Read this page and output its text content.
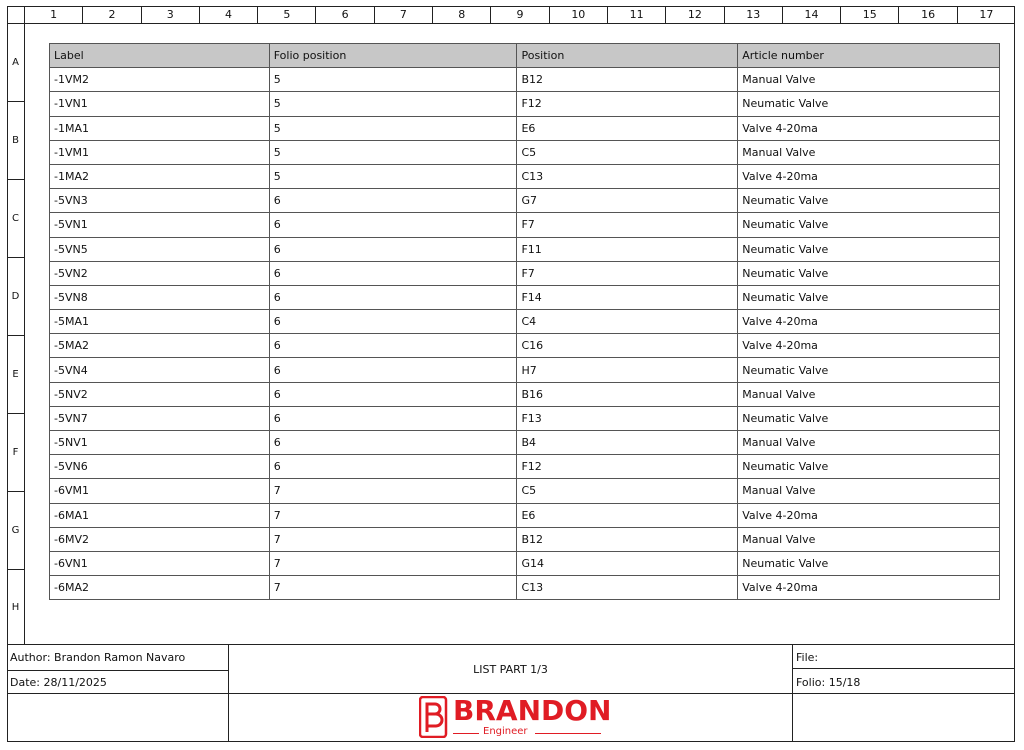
1	2	3	4	5	6	7	8	9	10	11	12	13	14	15	16	17
A
B
C
D
E
F
G
H
Label	Folio position	Position	Article number
-1VM2	5	B12	Manual Valve
-1VN1	5	F12	Neumatic Valve
-1MA1	5	E6	Valve 4-20ma
-1VM1	5	C5	Manual Valve
-1MA2	5	C13	Valve 4-20ma
-5VN3	6	G7	Neumatic Valve
-5VN1	6	F7	Neumatic Valve
-5VN5	6	F11	Neumatic Valve
-5VN2	6	F7	Neumatic Valve
-5VN8	6	F14	Neumatic Valve
-5MA1	6	C4	Valve 4-20ma
-5MA2	6	C16	Valve 4-20ma
-5VN4	6	H7	Neumatic Valve
-5NV2	6	B16	Manual Valve
-5VN7	6	F13	Neumatic Valve
-5NV1	6	B4	Manual Valve
-5VN6	6	F12	Neumatic Valve
-6VM1	7	C5	Manual Valve
-6MA1	7	E6	Valve 4-20ma
-6MV2	7	B12	Manual Valve
-6VN1	7	G14	Neumatic Valve
-6MA2	7	C13	Valve 4-20ma
Author: Brandon Ramon Navaro
Date: 28/11/2025
LIST PART 1/3
File:
Folio: 15/18
BRANDON
Engineer
